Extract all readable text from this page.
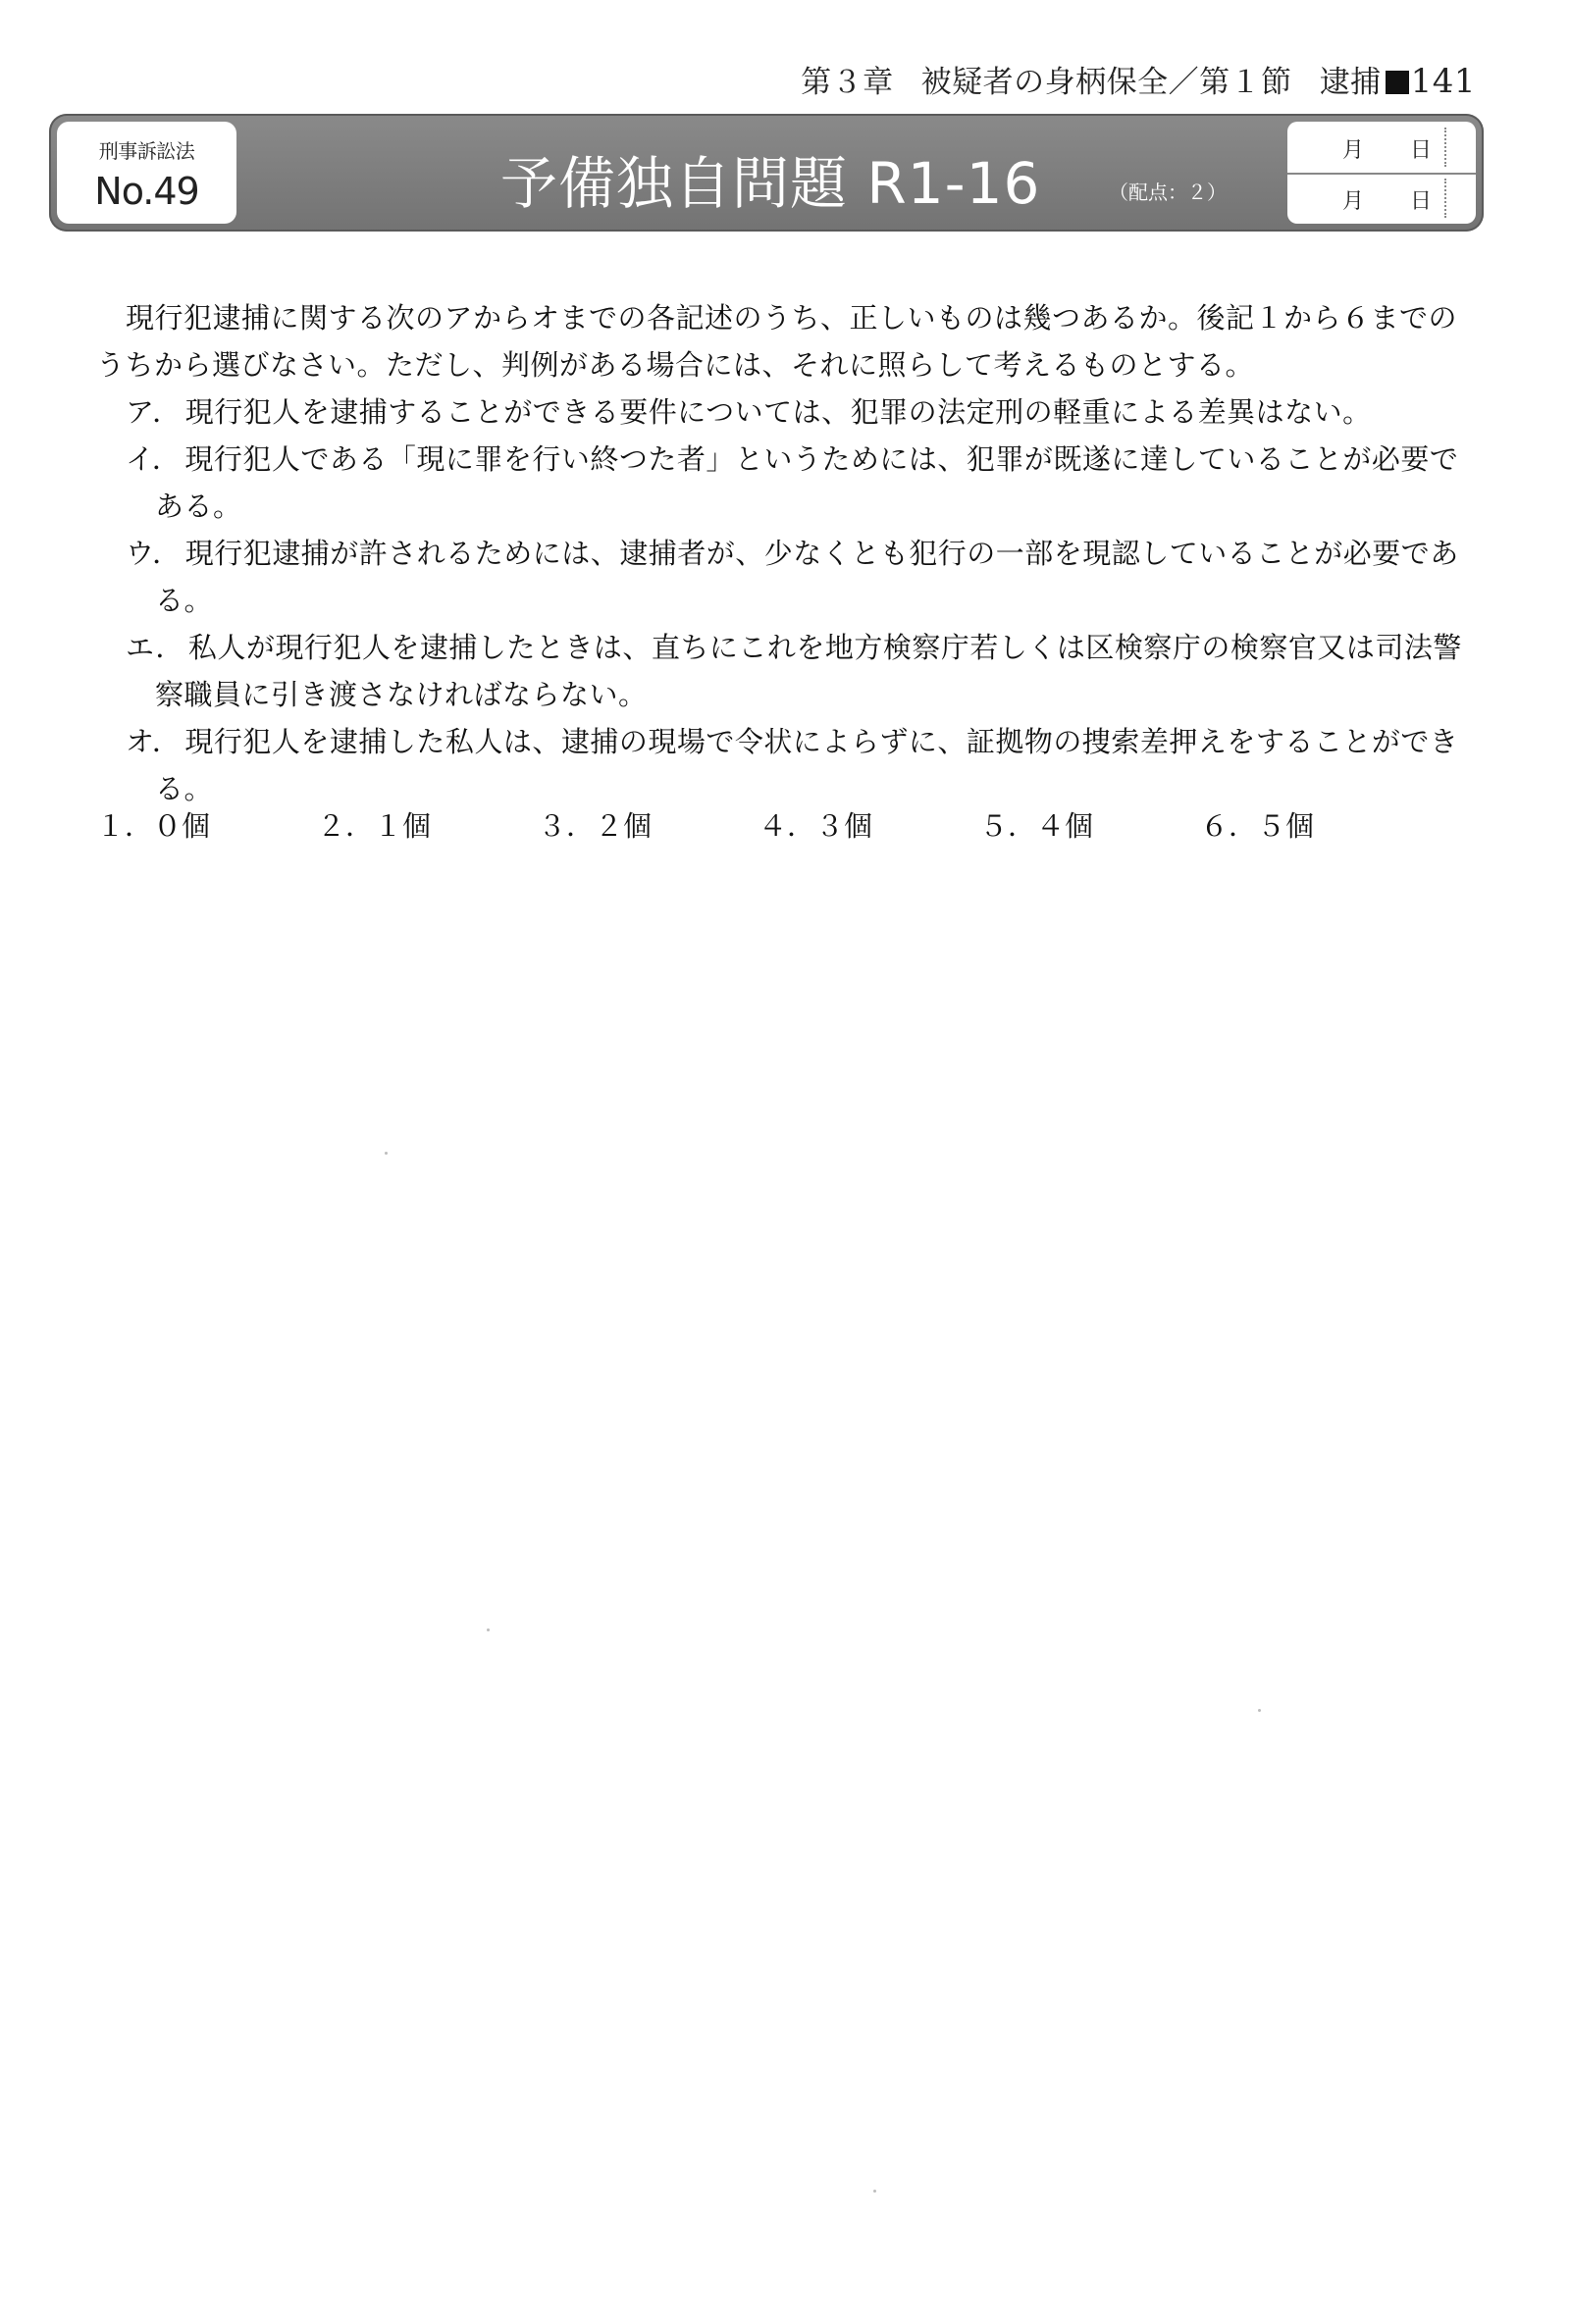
第３章 被疑者の身柄保全／第１節 逮捕 141
刑事訴訟法
No.49	予備独自問題 R1-16	（配点：２）
月 日
月 日

現行犯逮捕に関する次のアからオまでの各記述のうち、正しいものは幾つあるか。後記１から６までのうちから選びなさい。ただし、判例がある場合には、それに照らして考えるものとする。

ア． 現行犯人を逮捕することができる要件については、犯罪の法定刑の軽重による差異はない。
イ． 現行犯人である「現に罪を行い終つた者」というためには、犯罪が既遂に達していることが必要である。
ウ． 現行犯逮捕が許されるためには、逮捕者が、少なくとも犯行の一部を現認していることが必要である。
エ． 私人が現行犯人を逮捕したときは、直ちにこれを地方検察庁若しくは区検察庁の検察官又は司法警察職員に引き渡さなければならない。
オ． 現行犯人を逮捕した私人は、逮捕の現場で令状によらずに、証拠物の捜索差押えをすることができる。
１．０個	２．１個	３．２個	４．３個	５．４個	６．５個
